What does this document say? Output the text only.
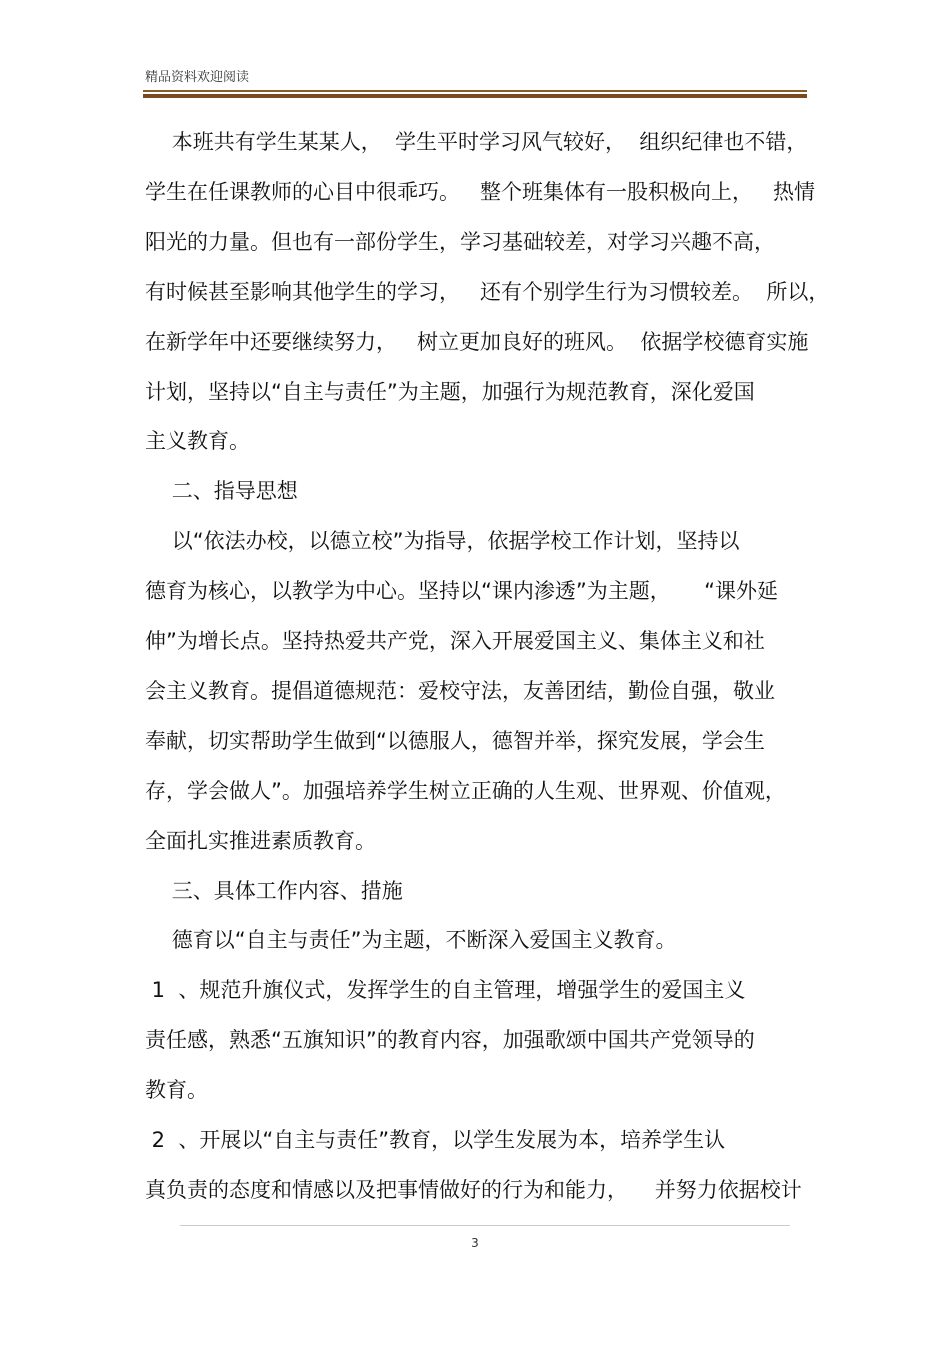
精品资料欢迎阅读
本班共有学生某某人，  学生平时学习风气较好，  组织纪律也不错，
学生在任课教师的心目中很乖巧。   整个班集体有一股积极向上，   热情
阳光的力量。但也有一部份学生，学习基础较差，对学习兴趣不高，
有时候甚至影响其他学生的学习，   还有个别学生行为习惯较差。  所以，
在新学年中还要继续努力，   树立更加良好的班风。  依据学校德育实施
计划，坚持以“自主与责任”为主题，加强行为规范教育，深化爱国
主义教育。
二、指导思想
以“依法办校，以德立校”为指导，依据学校工作计划，坚持以
德育为核心，以教学为中心。坚持以“课内渗透”为主题，     “课外延
伸”为增长点。坚持热爱共产党，深入开展爱国主义、集体主义和社
会主义教育。提倡道德规范：爱校守法，友善团结，勤俭自强，敬业
奉献，切实帮助学生做到“以德服人，德智并举，探究发展，学会生
存，学会做人”。加强培养学生树立正确的人生观、世界观、价值观，
全面扎实推进素质教育。
三、具体工作内容、措施
德育以“自主与责任”为主题，不断深入爱国主义教育。
1  、规范升旗仪式，发挥学生的自主管理，增强学生的爱国主义
责任感，熟悉“五旗知识”的教育内容，加强歌颂中国共产党领导的
教育。
2  、开展以“自主与责任”教育，以学生发展为本，培养学生认
真负责的态度和情感以及把事情做好的行为和能力，    并努力依据校计
3
